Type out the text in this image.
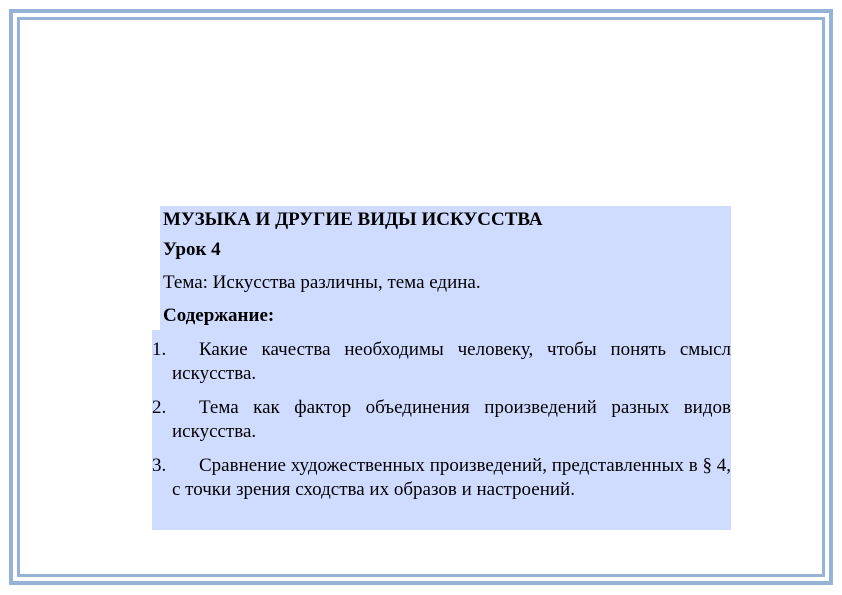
МУЗЫКА И ДРУГИЕ ВИДЫ ИСКУССТВА
Урок 4
Тема: Искусства различны, тема едина.
Содержание:
1.	Какие качества необходимы человеку, чтобы понять смысл искусства.
2.	Тема как фактор объединения произведений разных видов искусства.
3.	Сравнение художественных произведений, представленных в § 4, с точки зрения сходства их образов и настроений.
